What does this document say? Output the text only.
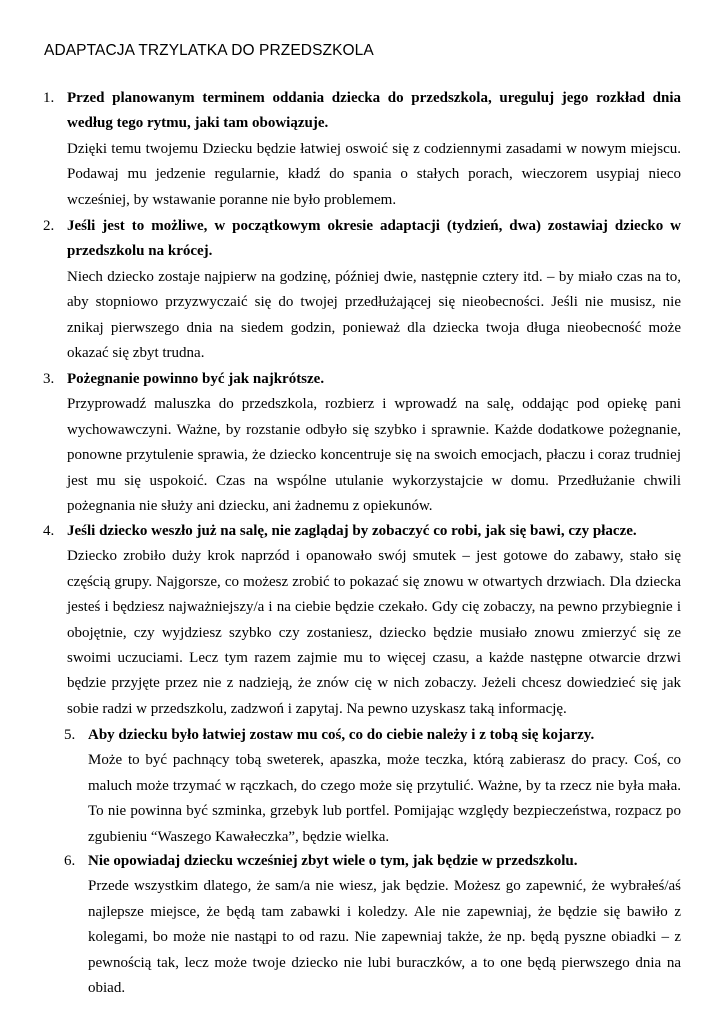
ADAPTACJA TRZYLATKA DO PRZEDSZKOLA
1. Przed planowanym terminem oddania dziecka do przedszkola, ureguluj jego rozkład dnia według tego rytmu, jaki tam obowiązuje.

Dzięki temu twojemu Dziecku będzie łatwiej oswoić się z codziennymi zasadami w nowym miejscu. Podawaj mu jedzenie regularnie, kładź do spania o stałych porach, wieczorem usypiaj nieco wcześniej, by wstawanie poranne nie było problemem.

2. Jeśli jest to możliwe, w początkowym okresie adaptacji (tydzień, dwa) zostawiaj dziecko w przedszkolu na krócej.

Niech dziecko zostaje najpierw na godzinę, później dwie, następnie cztery itd. – by miało czas na to, aby stopniowo przyzwyczaić się do twojej przedłużającej się nieobecności. Jeśli nie musisz, nie znikaj pierwszego dnia na siedem godzin, ponieważ dla dziecka twoja długa nieobecność może okazać się zbyt trudna.

3. Pożegnanie powinno być jak najkrótsze.

Przyprowadź maluszka do przedszkola, rozbierz i wprowadź na salę, oddając pod opiekę pani wychowawczyni. Ważne, by rozstanie odbyło się szybko i sprawnie. Każde dodatkowe pożegnanie, ponowne przytulenie sprawia, że dziecko koncentruje się na swoich emocjach, płaczu i coraz trudniej jest mu się uspokoić. Czas na wspólne utulanie wykorzystajcie w domu. Przedłużanie chwili pożegnania nie służy ani dziecku, ani żadnemu z opiekunów.

4. Jeśli dziecko weszło już na salę, nie zaglądaj by zobaczyć co robi, jak się bawi, czy płacze.

Dziecko zrobiło duży krok naprzód i opanowało swój smutek – jest gotowe do zabawy, stało się częścią grupy. Najgorsze, co możesz zrobić to pokazać się znowu w otwartych drzwiach. Dla dziecka jesteś i będziesz najważniejszy/a i na ciebie będzie czekało. Gdy cię zobaczy, na pewno przybiegnie i obojętnie, czy wyjdziesz szybko czy zostaniesz, dziecko będzie musiało znowu zmierzyć się ze swoimi uczuciami. Lecz tym razem zajmie mu to więcej czasu, a każde następne otwarcie drzwi będzie przyjęte przez nie z nadzieją, że znów cię w nich zobaczy. Jeżeli chcesz dowiedzieć się jak sobie radzi w przedszkolu, zadzwoń i zapytaj. Na pewno uzyskasz taką informację.

5. Aby dziecku było łatwiej zostaw mu coś, co do ciebie należy i z tobą się kojarzy.

Może to być pachnący tobą sweterek, apaszka, może teczka, którą zabierasz do pracy. Coś, co maluch może trzymać w rączkach, do czego może się przytulić. Ważne, by ta rzecz nie była mała. To nie powinna być szminka, grzebyk lub portfel. Pomijając względy bezpieczeństwa, rozpacz po zgubieniu “Waszego Kawałeczka”, będzie wielka.

6. Nie opowiadaj dziecku wcześniej zbyt wiele o tym, jak będzie w przedszkolu.

Przede wszystkim dlatego, że sam/a nie wiesz, jak będzie. Możesz go zapewnić, że wybrałeś/aś najlepsze miejsce, że będą tam zabawki i koledzy. Ale nie zapewniaj, że będzie się bawiło z kolegami, bo może nie nastąpi to od razu. Nie zapewniaj także, że np. będą pyszne obiadki – z pewnością tak, lecz może twoje dziecko nie lubi buraczków, a to one będą pierwszego dnia na obiad.
